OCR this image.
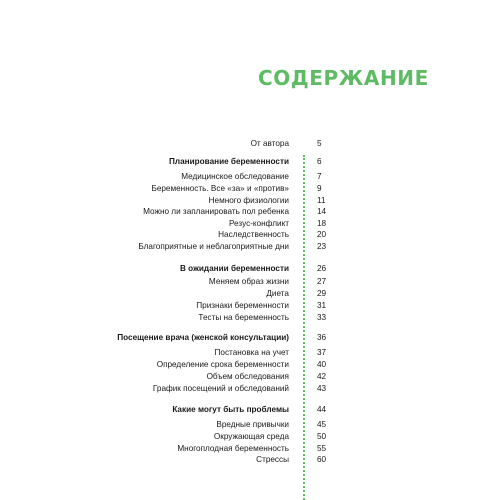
СОДЕРЖАНИЕ
От автора	5
Планирование беременности	6
Медицинское обследование	7
Беременность. Все «за» и «против»	9
Немного физиологии	11
Можно ли запланировать пол ребенка	14
Резус-конфликт	18
Наследственность	20
Благоприятные и неблагоприятные дни	23
В ожидании беременности	26
Меняем образ жизни	27
Диета	29
Признаки беременности	31
Тесты на беременность	33
Посещение врача (женской консультации)	36
Постановка на учет	37
Определение срока беременности	40
Объем обследования	42
График посещений и обследований	43
Какие могут быть проблемы	44
Вредные привычки	45
Окружающая среда	50
Многоплодная беременность	55
Стрессы	60
